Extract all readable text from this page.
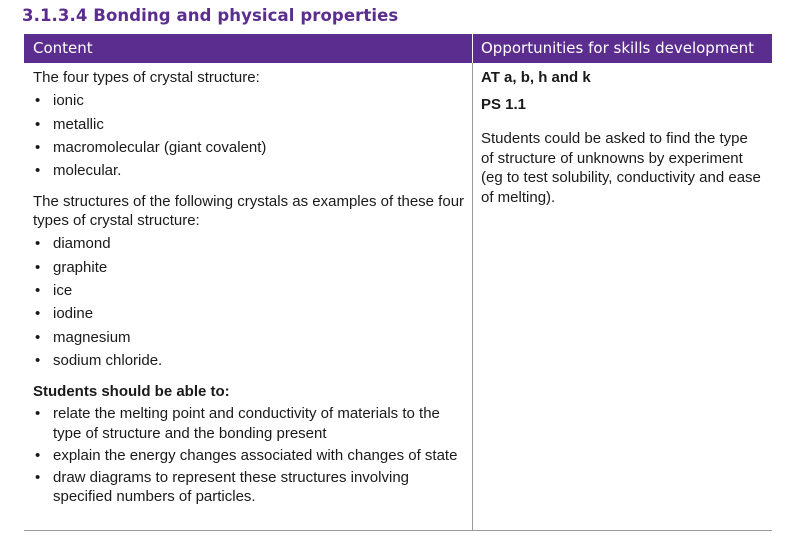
3.1.3.4 Bonding and physical properties
Content	Opportunities for skills development

The four types of crystal structure:

• ionic
• metallic
• macromolecular (giant covalent)
• molecular.

The structures of the following crystals as examples of these four types of crystal structure:

• diamond
• graphite
• ice
• iodine
• magnesium
• sodium chloride.

Students should be able to:

• relate the melting point and conductivity of materials to the type of structure and the bonding present
• explain the energy changes associated with changes of state
• draw diagrams to represent these structures involving specified numbers of particles.

AT a, b, h and k

PS 1.1

Students could be asked to find the type of structure of unknowns by experiment (eg to test solubility, conductivity and ease of melting).
